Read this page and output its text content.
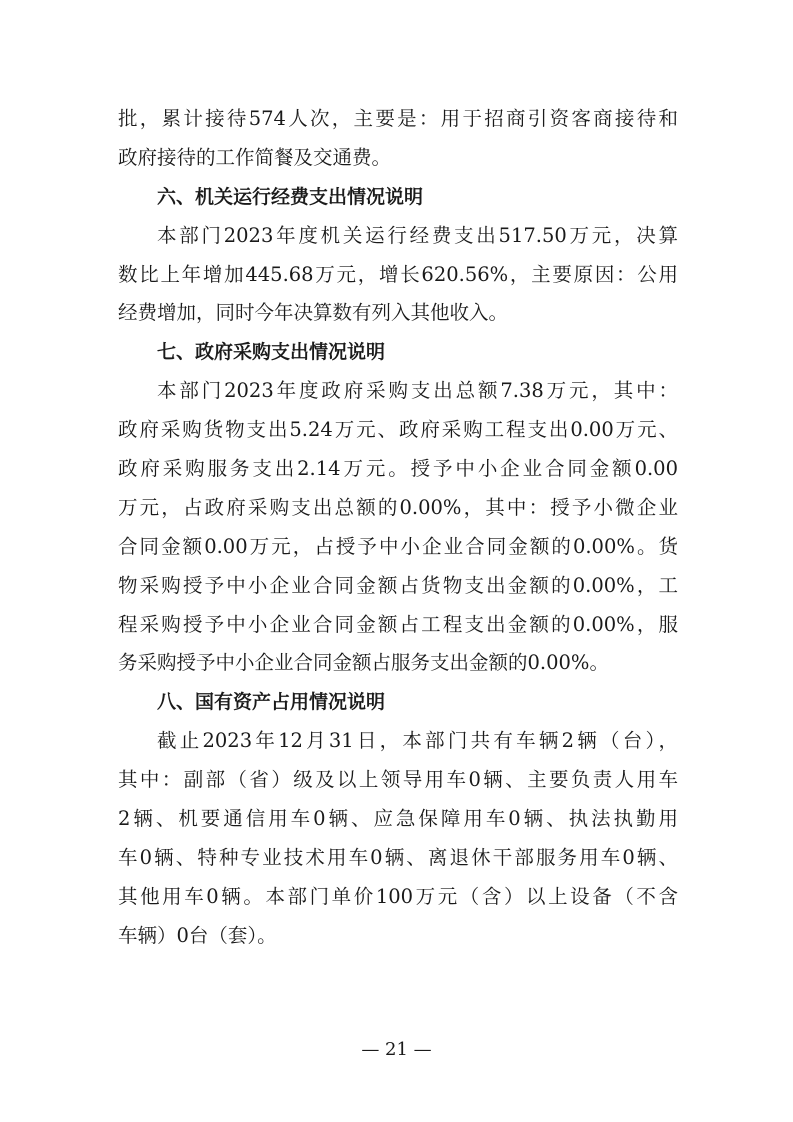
批，累计接待574人次，主要是：用于招商引资客商接待和
政府接待的工作简餐及交通费。
六、机关运行经费支出情况说明
本部门2023年度机关运行经费支出517.50万元，决算
数比上年增加445.68万元，增长620.56%，主要原因：公用
经费增加，同时今年决算数有列入其他收入。
七、政府采购支出情况说明
本部门2023年度政府采购支出总额7.38万元，其中：
政府采购货物支出5.24万元、政府采购工程支出0.00万元、
政府采购服务支出2.14万元。授予中小企业合同金额0.00
万元，占政府采购支出总额的0.00%，其中：授予小微企业
合同金额0.00万元，占授予中小企业合同金额的0.00%。货
物采购授予中小企业合同金额占货物支出金额的0.00%，工
程采购授予中小企业合同金额占工程支出金额的0.00%，服
务采购授予中小企业合同金额占服务支出金额的0.00%。
八、国有资产占用情况说明
截止2023年12月31日，本部门共有车辆2辆（台），
其中：副部（省）级及以上领导用车0辆、主要负责人用车
2辆、机要通信用车0辆、应急保障用车0辆、执法执勤用
车0辆、特种专业技术用车0辆、离退休干部服务用车0辆、
其他用车0辆。本部门单价100万元（含）以上设备（不含
车辆）0台（套）。
— 21 —
